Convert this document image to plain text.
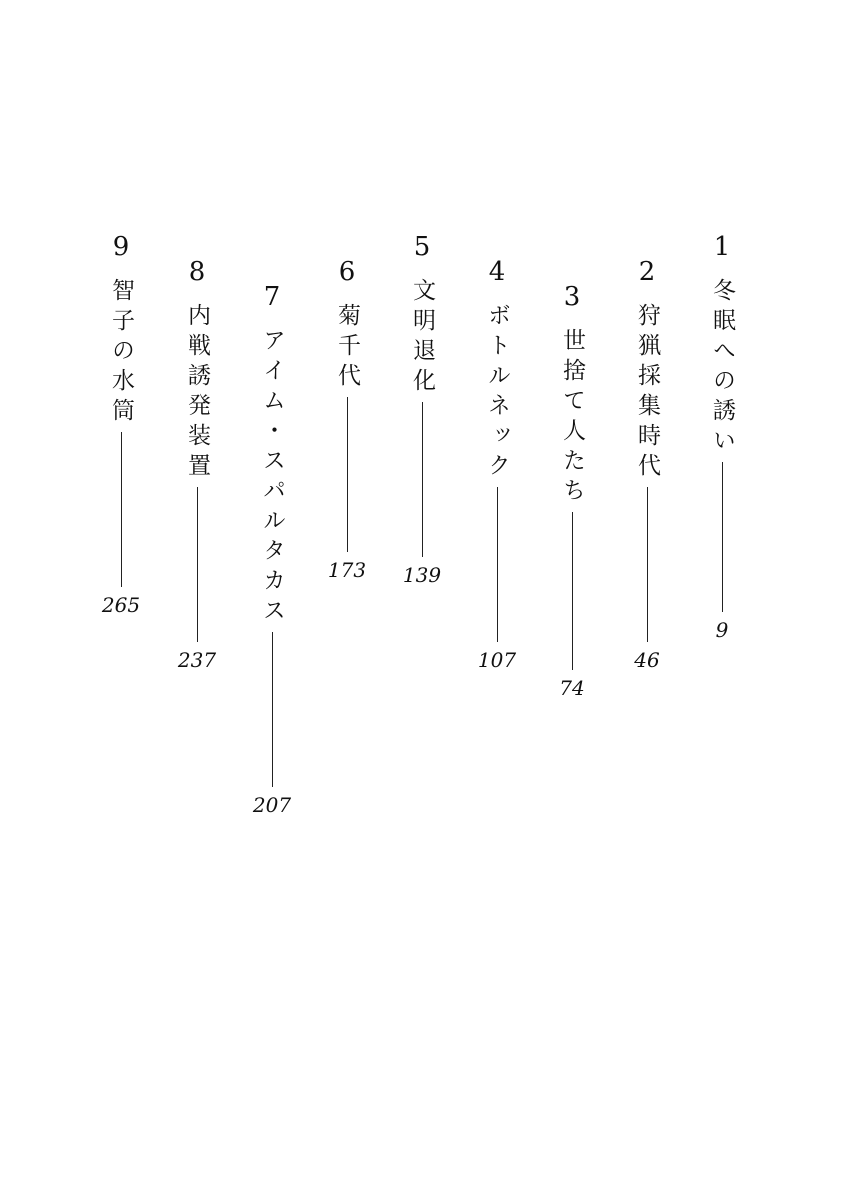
1
冬眠への誘い
9
2
狩猟採集時代
46
3
世捨て人たち
74
4
ボトルネック
107
5
文明退化
139
6
菊千代
173
7
アイム・スパルタカス
207
8
内戦誘発装置
237
9
智子の水筒
265
